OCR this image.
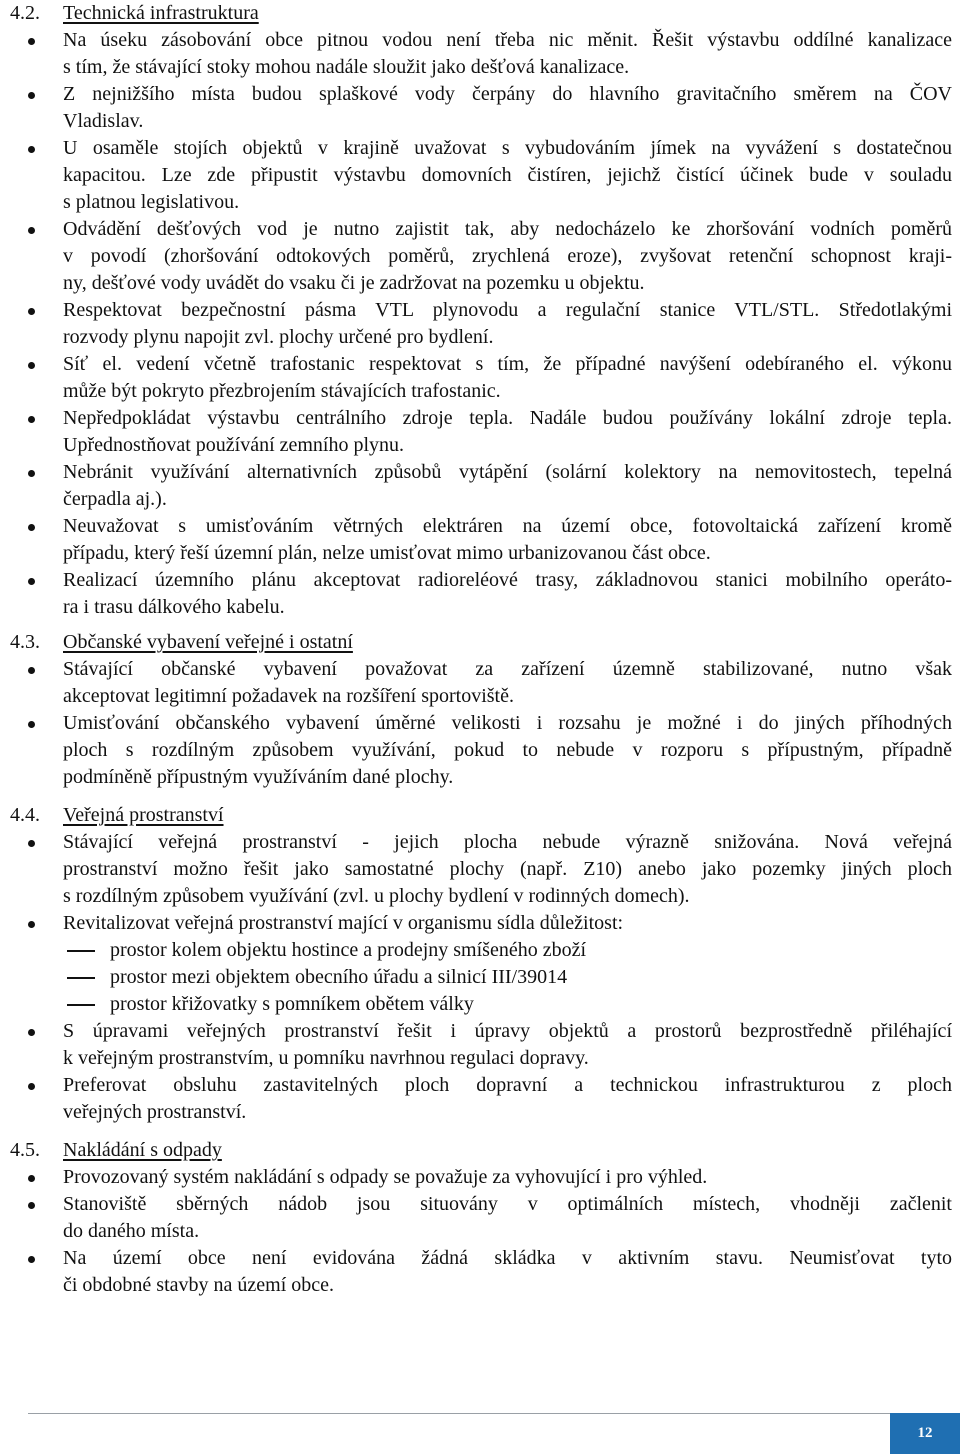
4.2. Technická infrastruktura
Na úseku zásobování obce pitnou vodou není třeba nic měnit. Řešit výstavbu oddílné kanalizace
s tím, že stávající stoky mohou nadále sloužit jako dešťová kanalizace.
Z nejnižšího místa budou splaškové vody čerpány do hlavního gravitačního směrem na ČOV
Vladislav.
U osaměle stojích objektů v krajině uvažovat s vybudováním jímek na vyvážení s dostatečnou
kapacitou. Lze zde připustit výstavbu domovních čistíren, jejichž čistící účinek bude v souladu
s platnou legislativou.
Odvádění dešťových vod je nutno zajistit tak, aby nedocházelo ke zhoršování vodních poměrů
v povodí (zhoršování odtokových poměrů, zrychlená eroze), zvyšovat retenční schopnost kraji-
ny, dešťové vody uvádět do vsaku či je zadržovat na pozemku u objektu.
Respektovat bezpečnostní pásma VTL plynovodu a regulační stanice VTL/STL. Středotlakými
rozvody plynu napojit zvl. plochy určené pro bydlení.
Síť el. vedení včetně trafostanic respektovat s tím, že případné navýšení odebíraného el. výkonu
může být pokryto přezbrojením stávajících trafostanic.
Nepředpokládat výstavbu centrálního zdroje tepla. Nadále budou používány lokální zdroje tepla.
Upřednostňovat používání zemního plynu.
Nebránit využívání alternativních způsobů vytápění (solární kolektory na nemovitostech, tepelná
čerpadla aj.).
Neuvažovat s umisťováním větrných elektráren na území obce, fotovoltaická zařízení kromě
případu, který řeší územní plán, nelze umisťovat mimo urbanizovanou část obce.
Realizací územního plánu akceptovat radioreléové trasy, základnovou stanici mobilního operáto-
ra i trasu dálkového kabelu.
4.3. Občanské vybavení veřejné i ostatní
Stávající občanské vybavení považovat za zařízení územně stabilizované, nutno však
akceptovat legitimní požadavek na rozšíření sportoviště.
Umisťování občanského vybavení úměrné velikosti i rozsahu je možné i do jiných příhodných
ploch s rozdílným způsobem využívání, pokud to nebude v rozporu s přípustným, případně
podmíněně přípustným využíváním dané plochy.
4.4. Veřejná prostranství
Stávající veřejná prostranství - jejich plocha nebude výrazně snižována. Nová veřejná
prostranství možno řešit jako samostatné plochy (např. Z10) anebo jako pozemky jiných ploch
s rozdílným způsobem využívání (zvl. u plochy bydlení v rodinných domech).
Revitalizovat veřejná prostranství mající v organismu sídla důležitost:
prostor kolem objektu hostince a prodejny smíšeného zboží
prostor mezi objektem obecního úřadu a silnicí III/39014
prostor křižovatky s pomníkem obětem války
S úpravami veřejných prostranství řešit i úpravy objektů a prostorů bezprostředně přiléhající
k veřejným prostranstvím, u pomníku navrhnou regulaci dopravy.
Preferovat obsluhu zastavitelných ploch dopravní a technickou infrastrukturou z ploch
veřejných prostranství.
4.5. Nakládání s odpady
Provozovaný systém nakládání s odpady se považuje za vyhovující i pro výhled.
Stanoviště sběrných nádob jsou situovány v optimálních místech, vhodněji začlenit
do daného místa.
Na území obce není evidována žádná skládka v aktivním stavu. Neumisťovat tyto
či obdobné stavby na území obce.
12
